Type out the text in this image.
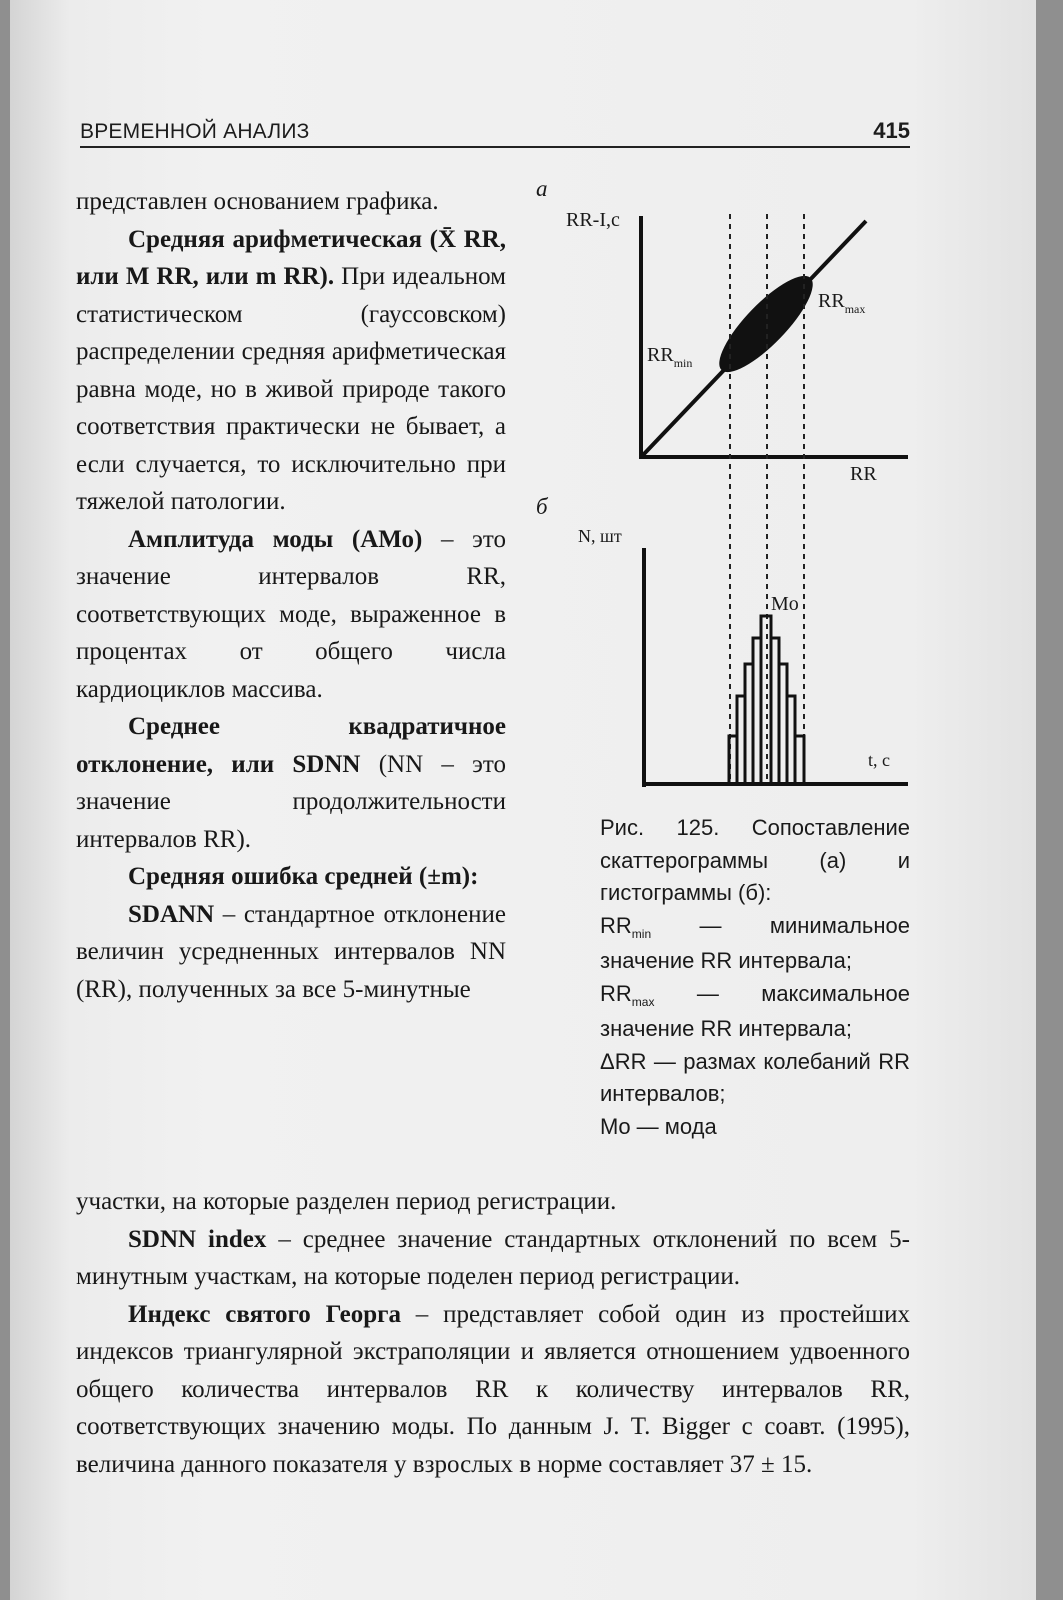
ВРЕМЕННОЙ АНАЛИЗ	415

представлен основанием графика.

Средняя арифметическая (X̄ RR, или M RR, или m RR). При идеальном статистическом (гауссовском) распределении средняя арифметическая равна моде, но в живой природе такого соответствия практически не бывает, а если случается, то исключительно при тяжелой патологии.

Амплитуда моды (АМо) – это значение интервалов RR, соответствующих моде, выраженное в процентах от общего числа кардиоциклов массива.

Среднее квадратичное отклонение, или SDNN (NN – это значение продолжительности интервалов RR).

Средняя ошибка средней (±m):

SDANN – стандартное отклонение величин усредненных интервалов NN (RR), полученных за все 5-минутные

а
RR-I,c
$RR_{min}$
$RR_{max}$
RR
б
N, шт
Mo
t, c

Рис. 125. Сопоставление скаттерограммы (а) и гистограммы (б):

$RR_{min}$ — минимальное значение RR интервала;

$RR_{max}$ — максимальное значение RR интервала;

ΔRR — размах колебаний RR интервалов;

Mo — мода

участки, на которые разделен период регистрации.

SDNN index – среднее значение стандартных отклонений по всем 5-минутным участкам, на которые поделен период регистрации.

Индекс святого Георга – представляет собой один из простейших индексов триангулярной экстраполяции и является отношением удвоенного общего количества интервалов RR к количеству интервалов RR, соответствующих значению моды. По данным J. T. Bigger с соавт. (1995), величина данного показателя у взрослых в норме составляет 37 ± 15.
